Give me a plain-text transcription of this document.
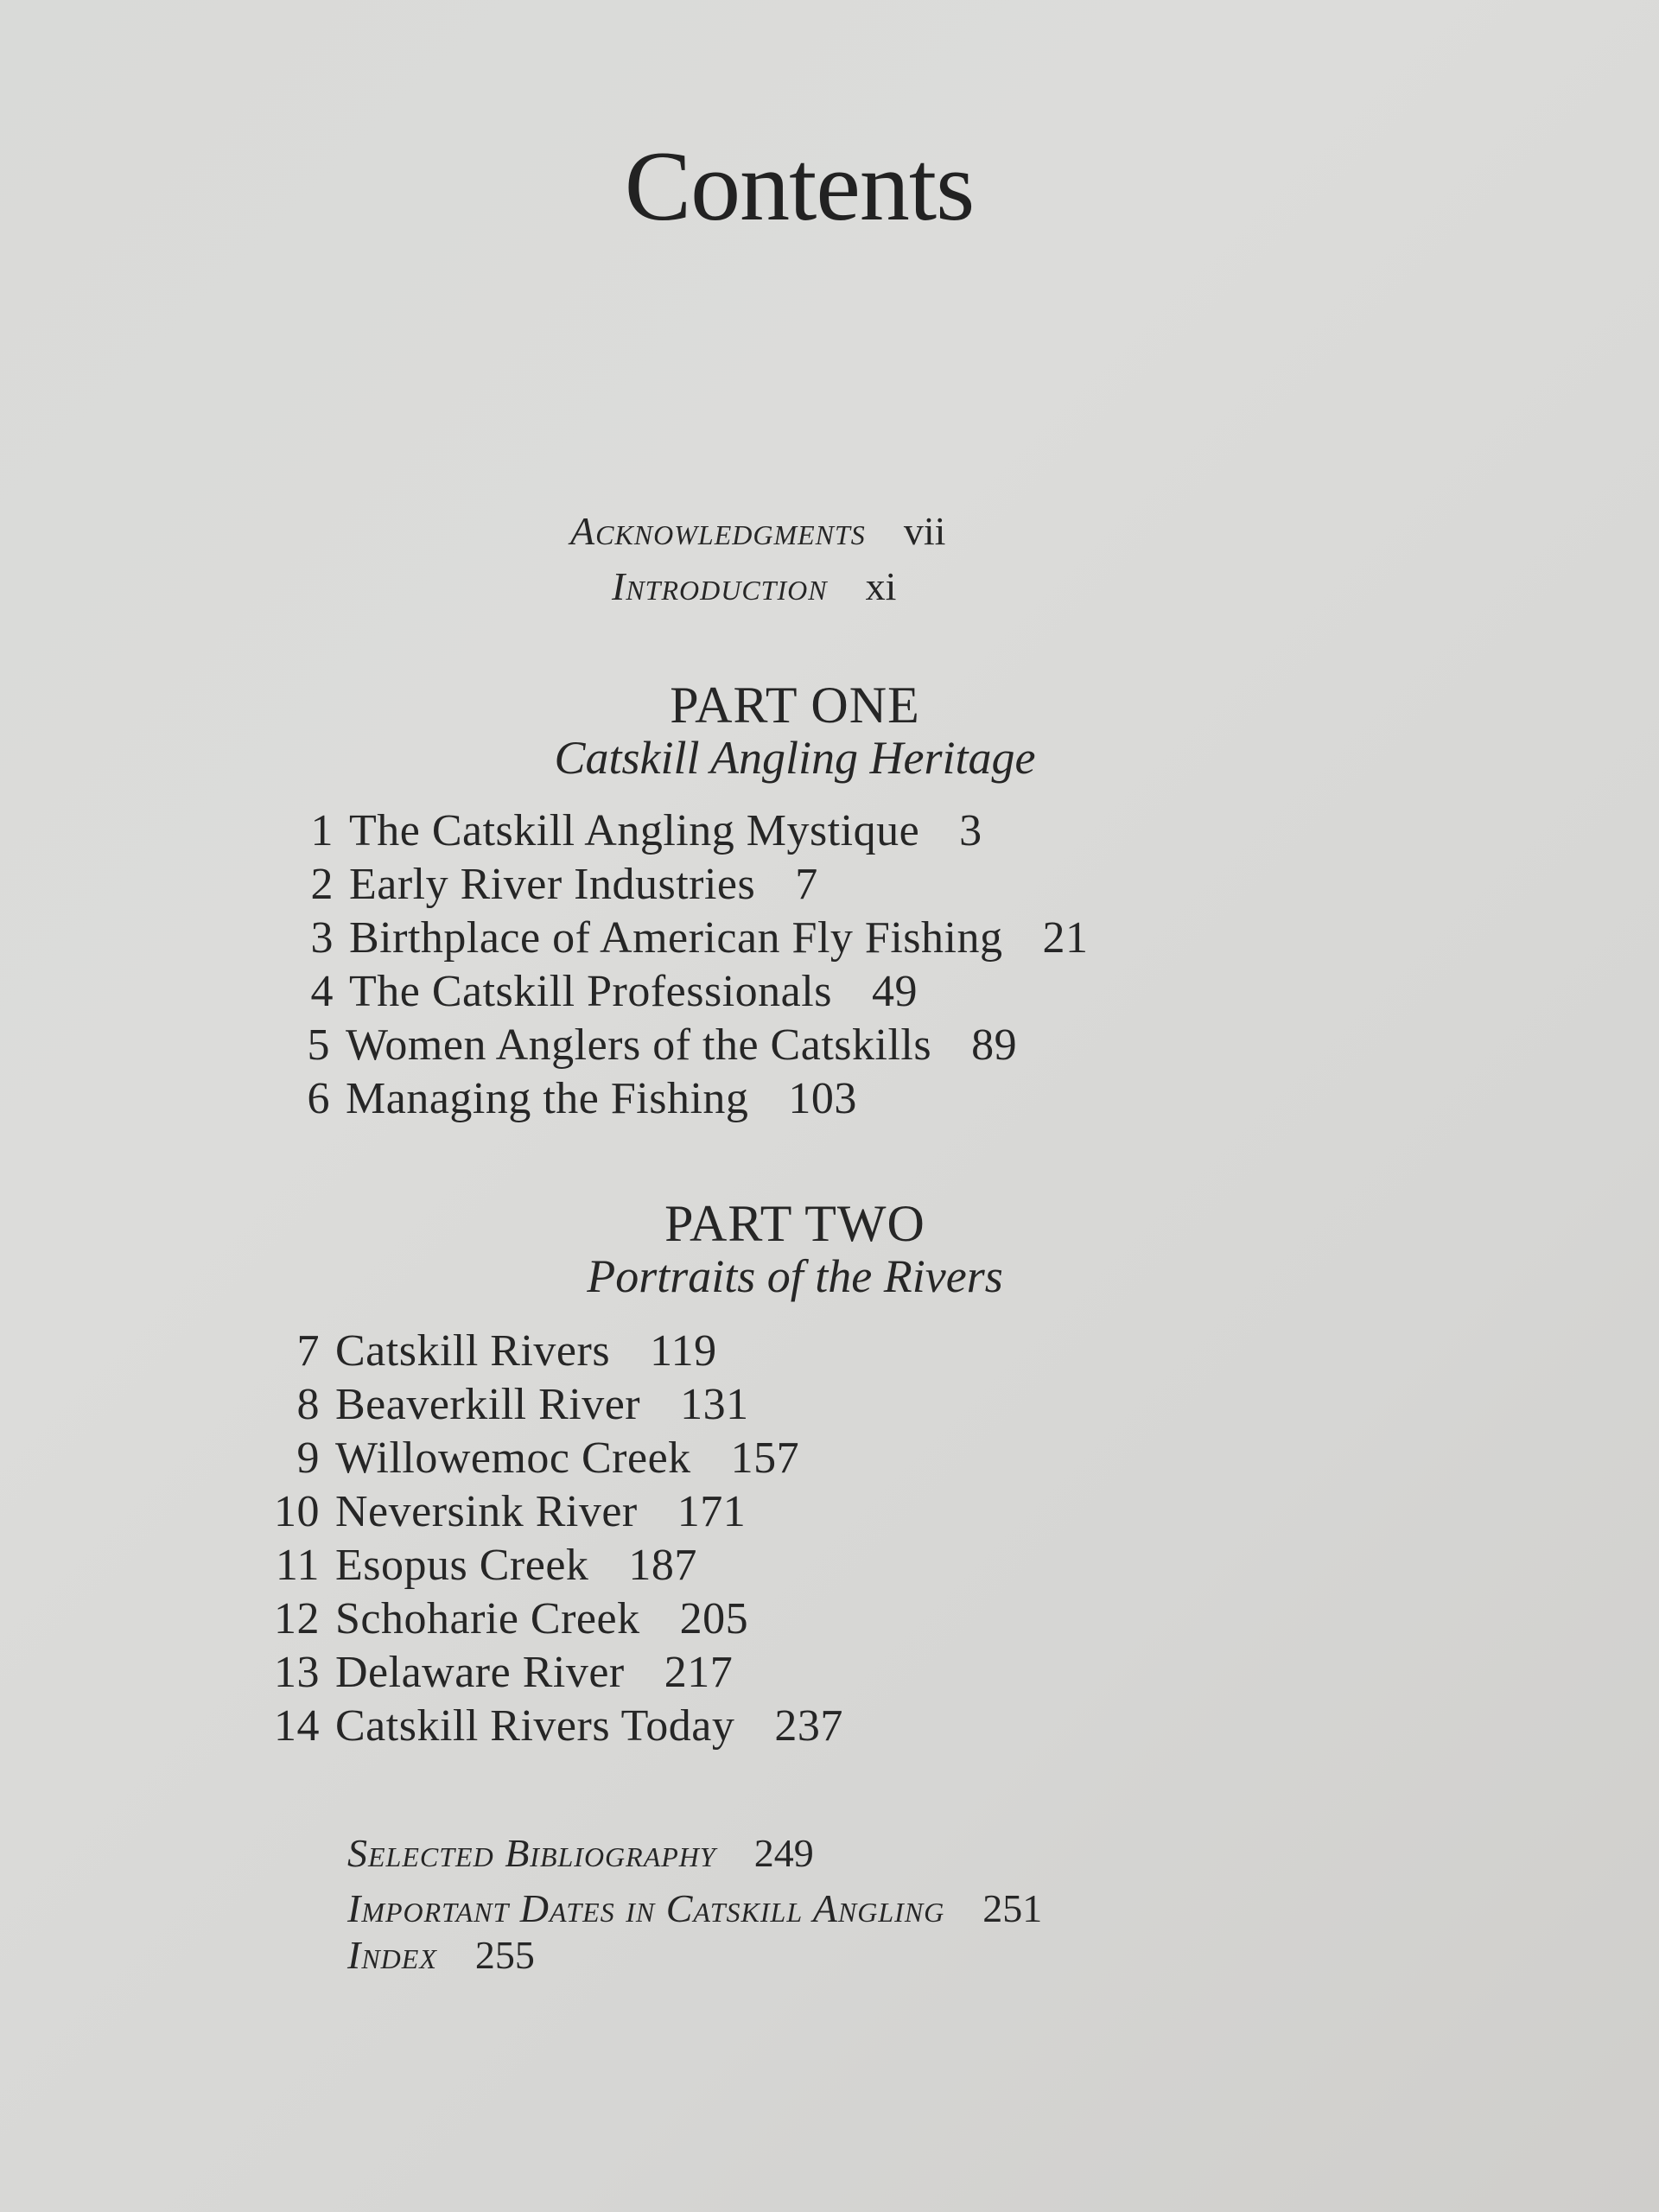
Contents
Acknowledgments vii
Introduction xi
PART ONE
Catskill Angling Heritage
1 The Catskill Angling Mystique 3
2 Early River Industries 7
3 Birthplace of American Fly Fishing 21
4 The Catskill Professionals 49
5 Women Anglers of the Catskills 89
6 Managing the Fishing 103
PART TWO
Portraits of the Rivers
7 Catskill Rivers 119
8 Beaverkill River 131
9 Willowemoc Creek 157
10 Neversink River 171
11 Esopus Creek 187
12 Schoharie Creek 205
13 Delaware River 217
14 Catskill Rivers Today 237
Selected Bibliography 249
Important Dates in Catskill Angling 251
Index 255
